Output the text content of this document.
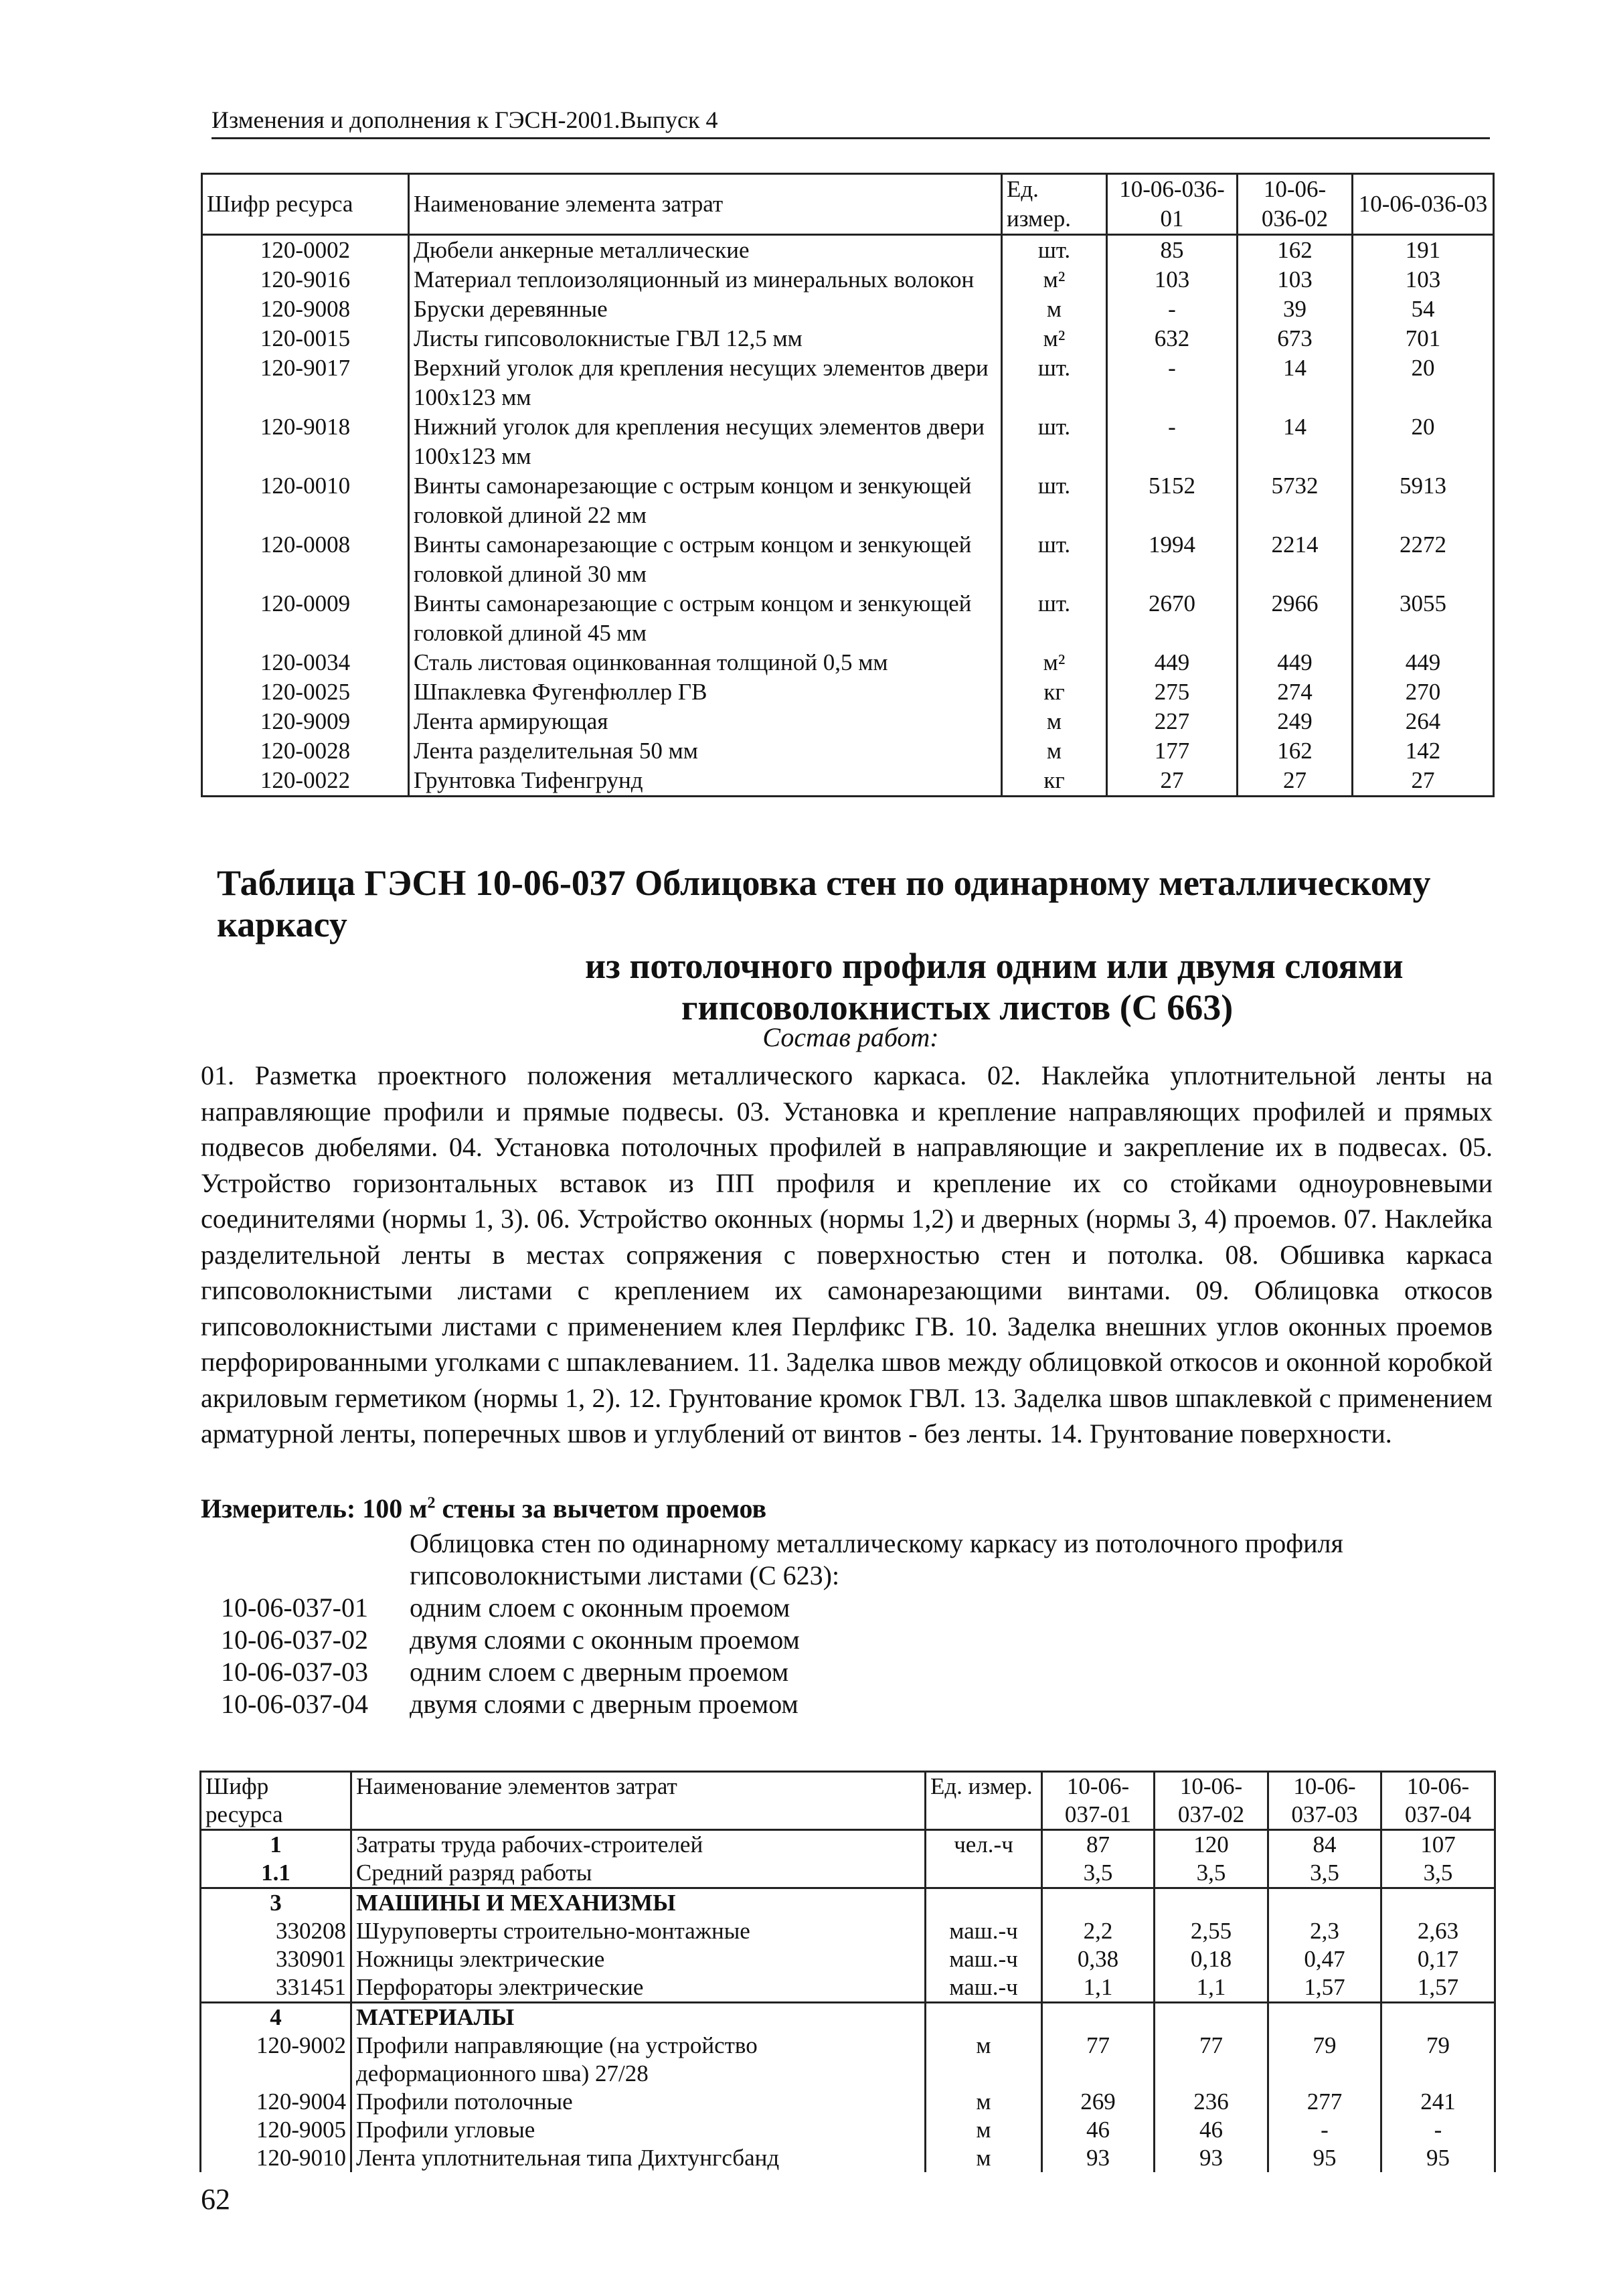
Изменения и дополнения к ГЭСН-2001.Выпуск 4
Шифр ресурса	Наименование элемента затрат	Ед. измер.	10-06-036-01	10-06-036-02	10-06-036-03
120-0002	Дюбели анкерные металлические	шт.	85	162	191
120-9016	Материал теплоизоляционный из минеральных волокон	м²	103	103	103
120-9008	Бруски деревянные	м	-	39	54
120-0015	Листы гипсоволокнистые ГВЛ 12,5 мм	м²	632	673	701
120-9017	Верхний уголок для крепления несущих элементов двери 100х123 мм	шт.	-	14	20
120-9018	Нижний уголок для крепления несущих элементов двери 100х123 мм	шт.	-	14	20
120-0010	Винты самонарезающие с острым концом и зенкующей головкой длиной 22 мм	шт.	5152	5732	5913
120-0008	Винты самонарезающие с острым концом и зенкующей головкой длиной 30 мм	шт.	1994	2214	2272
120-0009	Винты самонарезающие с острым концом и зенкующей головкой длиной 45 мм	шт.	2670	2966	3055
120-0034	Сталь листовая оцинкованная толщиной 0,5 мм	м²	449	449	449
120-0025	Шпаклевка Фугенфюллер ГВ	кг	275	274	270
120-9009	Лента армирующая	м	227	249	264
120-0028	Лента разделительная 50 мм	м	177	162	142
120-0022	Грунтовка Тифенгрунд	кг	27	27	27
Таблица ГЭСН 10-06-037 Облицовка стен по одинарному металлическому каркасу
из потолочного профиля одним или двумя слоями
гипсоволокнистых листов (С 663)
Состав работ:
01. Разметка проектного положения металлического каркаса. 02. Наклейка уплотнительной ленты на направляющие профили и прямые подвесы. 03. Установка и крепление направляющих профилей и прямых подвесов дюбелями. 04. Установка потолочных профилей в направляющие и закрепление их в подвесах. 05. Устройство горизонтальных вставок из ПП профиля и крепление их со стойками одноуровневыми соединителями (нормы 1, 3). 06. Устройство оконных (нормы 1,2) и дверных (нормы 3, 4) проемов. 07. Наклейка разделительной ленты в местах сопряжения с поверхностью стен и потолка. 08. Обшивка каркаса гипсоволокнистыми листами с креплением их самонарезающими винтами. 09. Облицовка откосов гипсоволокнистыми листами с применением клея Перлфикс ГВ. 10. Заделка внешних углов оконных проемов перфорированными уголками с шпаклеванием. 11. Заделка швов между облицовкой откосов и оконной коробкой акриловым герметиком (нормы 1, 2). 12. Грунтование кромок ГВЛ. 13. Заделка швов шпаклевкой с применением арматурной ленты, поперечных швов и углублений от винтов - без ленты. 14. Грунтование поверхности.
Измеритель: 100 $м^2$ стены за вычетом проемов
Облицовка стен по одинарному металлическому каркасу из потолочного профиля гипсоволокнистыми листами (С 623):
10-06-037-01 одним слоем с оконным проемом
10-06-037-02 двумя слоями с оконным проемом
10-06-037-03 одним слоем с дверным проемом
10-06-037-04 двумя слоями с дверным проемом
Шифр ресурса	Наименование элементов затрат	Ед. измер.	10-06-037-01	10-06-037-02	10-06-037-03	10-06-037-04
1	Затраты труда рабочих-строителей	чел.-ч	87	120	84	107
1.1	Средний разряд работы		3,5	3,5	3,5	3,5
3	МАШИНЫ И МЕХАНИЗМЫ					
330208	Шуруповерты строительно-монтажные	маш.-ч	2,2	2,55	2,3	2,63
330901	Ножницы электрические	маш.-ч	0,38	0,18	0,47	0,17
331451	Перфораторы электрические	маш.-ч	1,1	1,1	1,57	1,57
4	МАТЕРИАЛЫ					
120-9002	Профили направляющие (на устройство деформационного шва) 27/28	м	77	77	79	79
120-9004	Профили потолочные	м	269	236	277	241
120-9005	Профили угловые	м	46	46	-	-
120-9010	Лента уплотнительная типа Дихтунгсбанд	м	93	93	95	95
62
